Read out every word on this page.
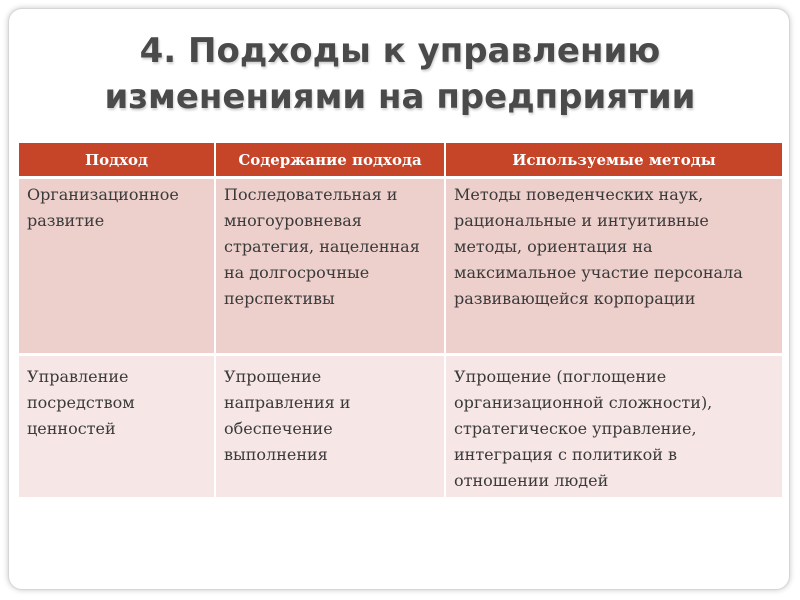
4. Подходы к управлению
изменениями на предприятии
Подход	Содержание подхода	Используемые методы

Организационное
развитие	Последовательная и
многоуровневая
стратегия, нацеленная
на долгосрочные
перспективы	Методы поведенческих наук,
рациональные и интуитивные
методы, ориентация на
максимальное участие персонала
развивающейся корпорации

Управление
посредством
ценностей	Упрощение
направления и
обеспечение
выполнения	Упрощение (поглощение
организационной сложности),
стратегическое управление,
интеграция с политикой в
отношении людей
